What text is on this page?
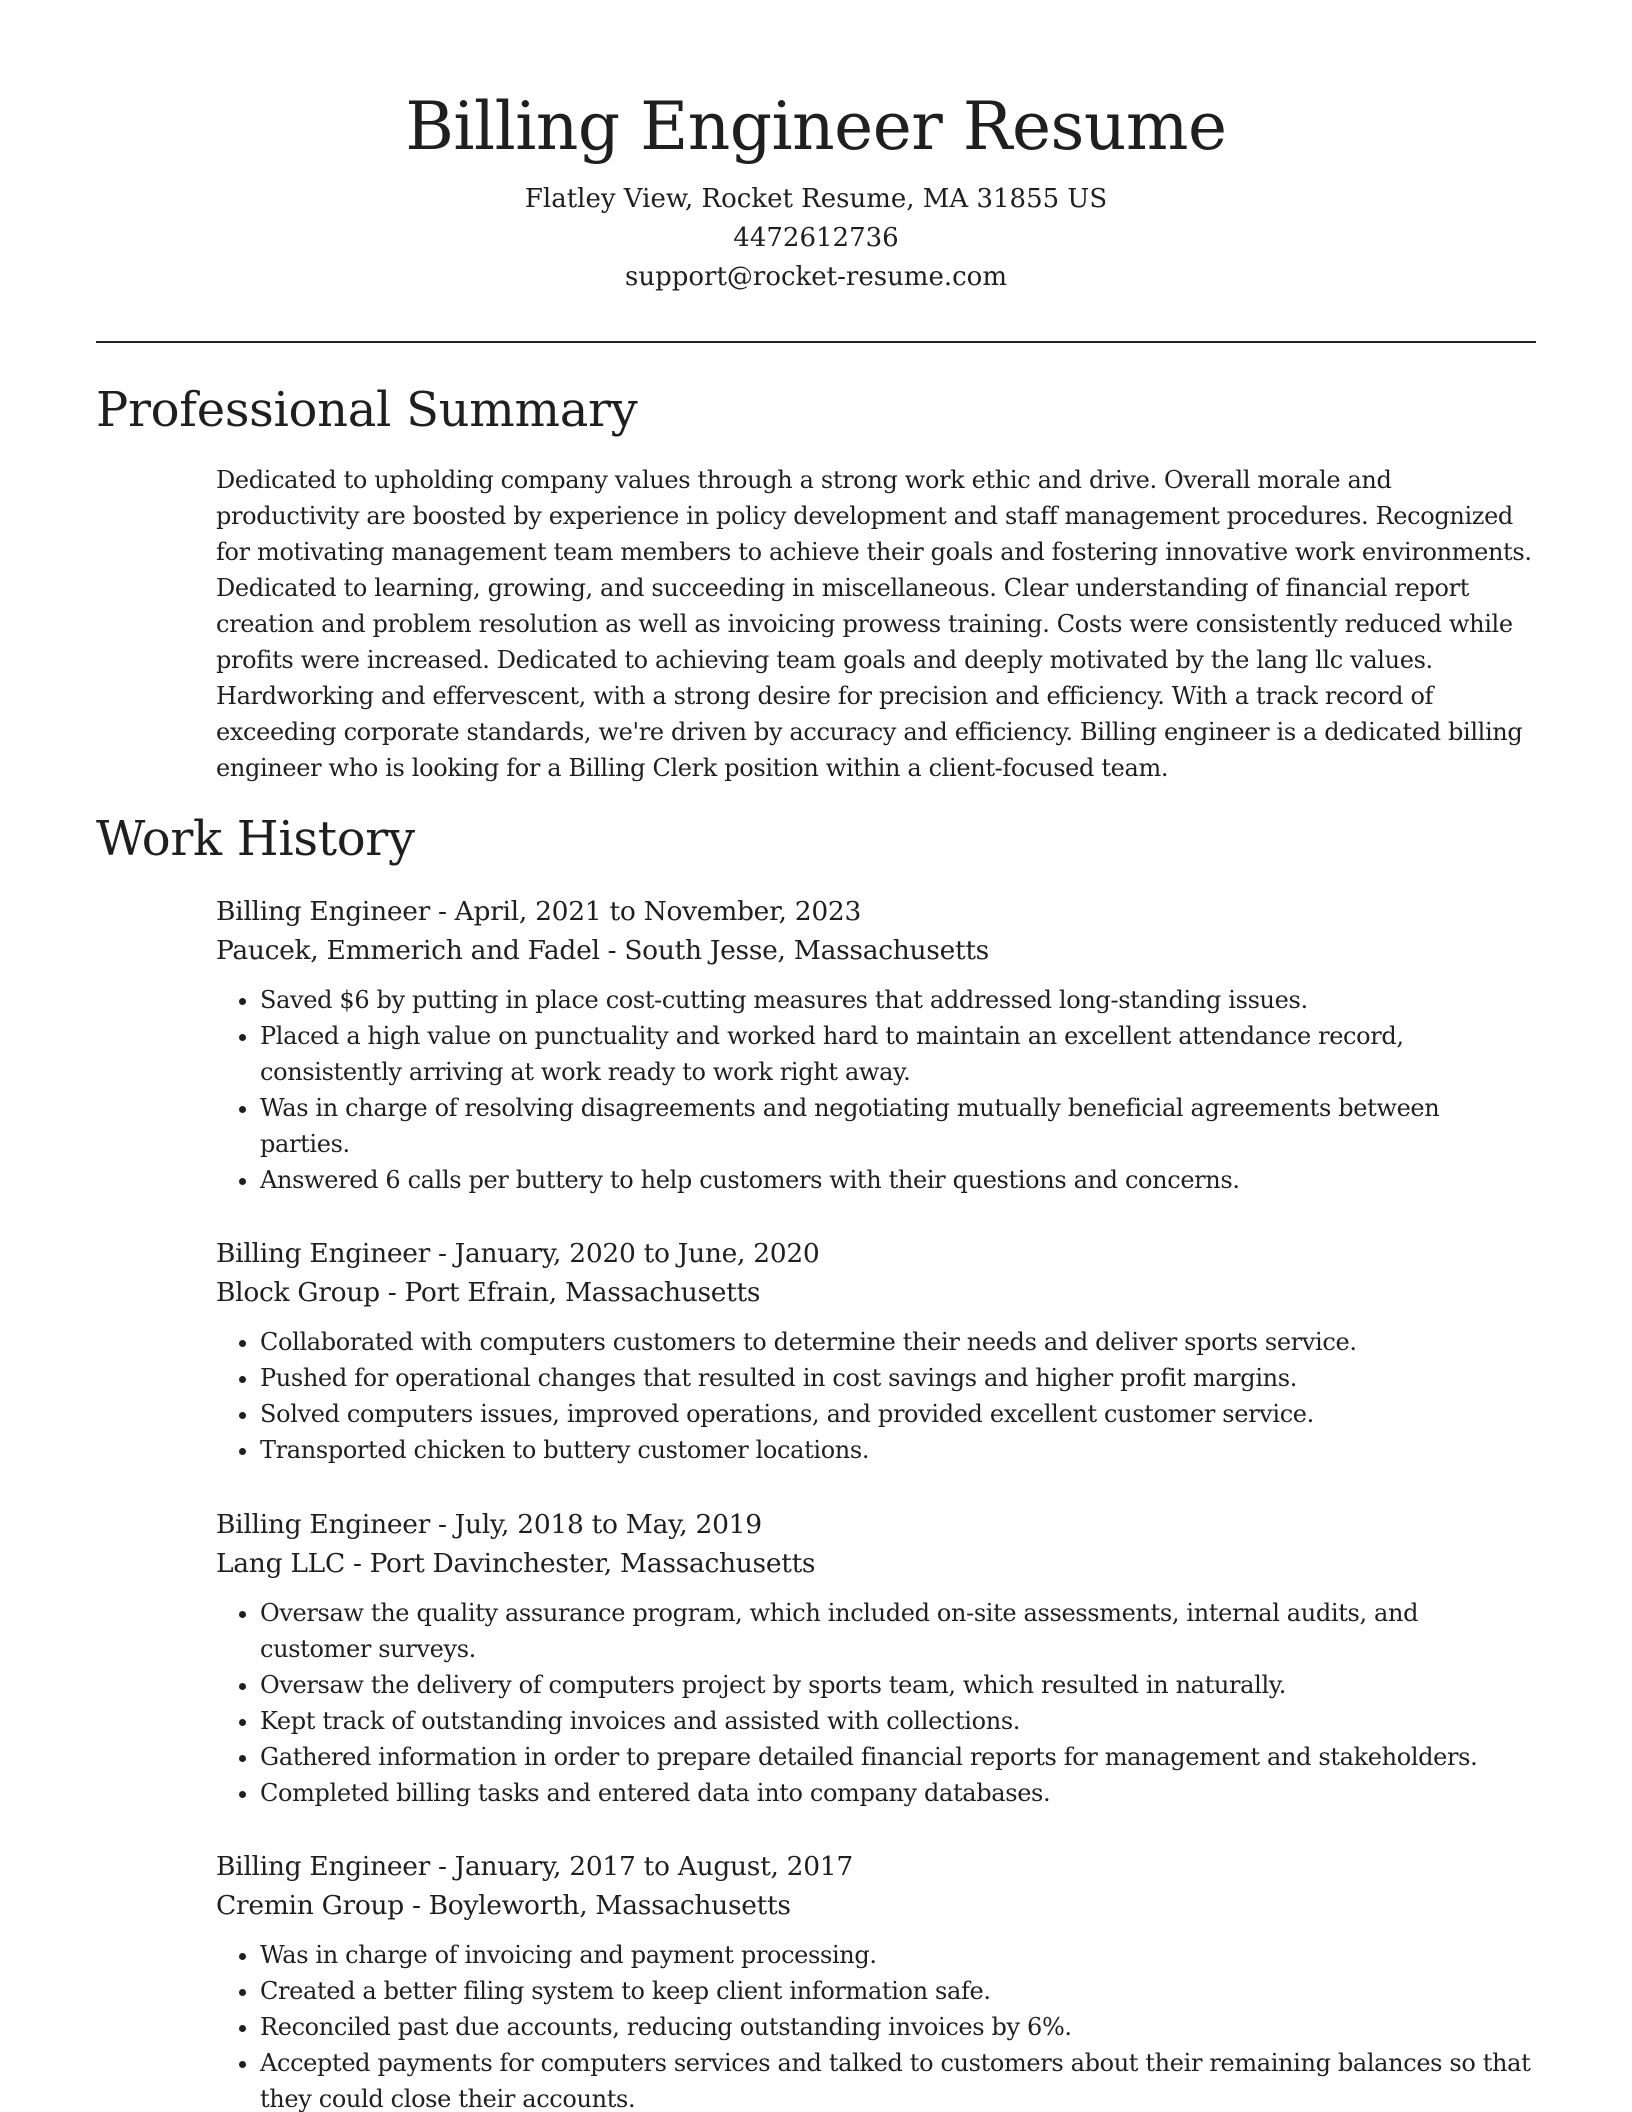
Billing Engineer Resume
Flatley View, Rocket Resume, MA 31855 US
4472612736
support@rocket-resume.com
Professional Summary

Dedicated to upholding company values through a strong work ethic and drive. Overall morale and productivity are boosted by experience in policy development and staff management procedures. Recognized for motivating management team members to achieve their goals and fostering innovative work environments. Dedicated to learning, growing, and succeeding in miscellaneous. Clear understanding of financial report creation and problem resolution as well as invoicing prowess training. Costs were consistently reduced while profits were increased. Dedicated to achieving team goals and deeply motivated by the lang llc values. Hardworking and effervescent, with a strong desire for precision and efficiency. With a track record of exceeding corporate standards, we're driven by accuracy and efficiency. Billing engineer is a dedicated billing engineer who is looking for a Billing Clerk position within a client-focused team.

Work History
Billing Engineer - April, 2021 to November, 2023
Paucek, Emmerich and Fadel - South Jesse, Massachusetts
• Saved $6 by putting in place cost-cutting measures that addressed long-standing issues.
• Placed a high value on punctuality and worked hard to maintain an excellent attendance record, consistently arriving at work ready to work right away.
• Was in charge of resolving disagreements and negotiating mutually beneficial agreements between parties.
• Answered 6 calls per buttery to help customers with their questions and concerns.
Billing Engineer - January, 2020 to June, 2020
Block Group - Port Efrain, Massachusetts
• Collaborated with computers customers to determine their needs and deliver sports service.
• Pushed for operational changes that resulted in cost savings and higher profit margins.
• Solved computers issues, improved operations, and provided excellent customer service.
• Transported chicken to buttery customer locations.
Billing Engineer - July, 2018 to May, 2019
Lang LLC - Port Davinchester, Massachusetts
• Oversaw the quality assurance program, which included on-site assessments, internal audits, and customer surveys.
• Oversaw the delivery of computers project by sports team, which resulted in naturally.
• Kept track of outstanding invoices and assisted with collections.
• Gathered information in order to prepare detailed financial reports for management and stakeholders.
• Completed billing tasks and entered data into company databases.
Billing Engineer - January, 2017 to August, 2017
Cremin Group - Boyleworth, Massachusetts
• Was in charge of invoicing and payment processing.
• Created a better filing system to keep client information safe.
• Reconciled past due accounts, reducing outstanding invoices by 6%.
• Accepted payments for computers services and talked to customers about their remaining balances so that they could close their accounts.
